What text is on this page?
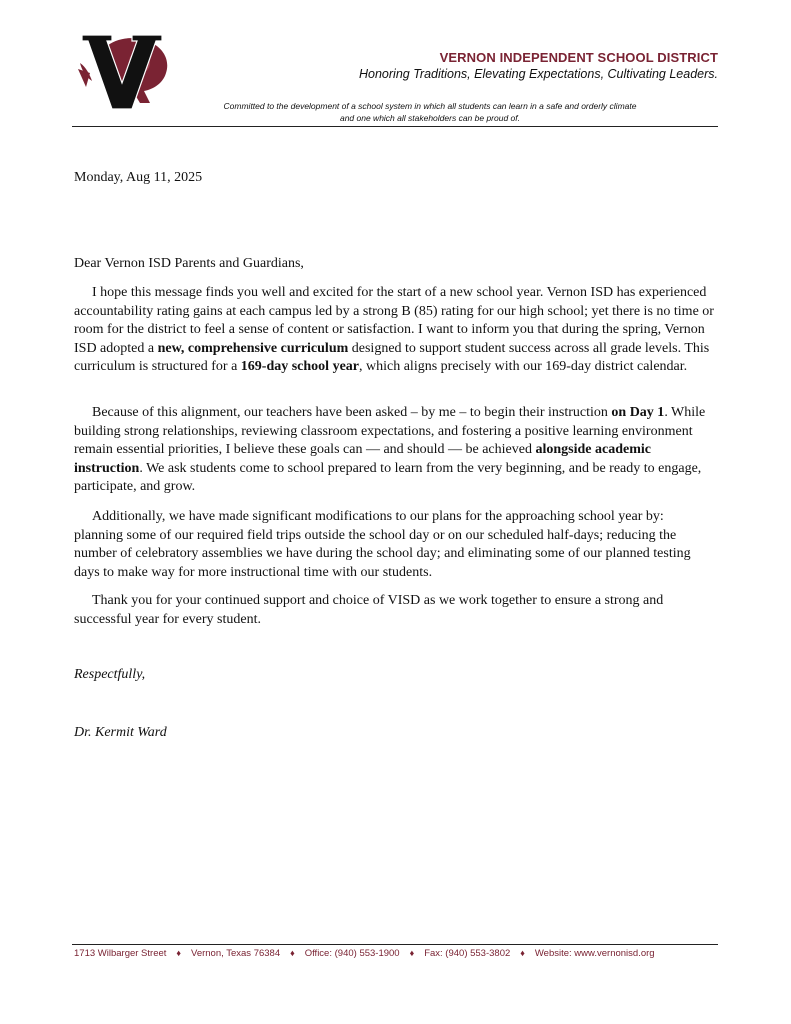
VERNON INDEPENDENT SCHOOL DISTRICT
Honoring Traditions, Elevating Expectations, Cultivating Leaders.
Committed to the development of a school system in which all students can learn in a safe and orderly climate
and one which all stakeholders can be proud of.
Monday, Aug 11, 2025
Dear Vernon ISD Parents and Guardians,

I hope this message finds you well and excited for the start of a new school year. Vernon ISD has experienced accountability rating gains at each campus led by a strong B (85) rating for our high school; yet there is no time or room for the district to feel a sense of content or satisfaction. I want to inform you that during the spring, Vernon ISD adopted a new, comprehensive curriculum designed to support student success across all grade levels. This curriculum is structured for a 169-day school year, which aligns precisely with our 169-day district calendar.

Because of this alignment, our teachers have been asked – by me – to begin their instruction on Day 1. While building strong relationships, reviewing classroom expectations, and fostering a positive learning environment remain essential priorities, I believe these goals can — and should — be achieved alongside academic instruction. We ask students come to school prepared to learn from the very beginning, and be ready to engage, participate, and grow.

Additionally, we have made significant modifications to our plans for the approaching school year by: planning some of our required field trips outside the school day or on our scheduled half-days; reducing the number of celebratory assemblies we have during the school day; and eliminating some of our planned testing days to make way for more instructional time with our students.

Thank you for your continued support and choice of VISD as we work together to ensure a strong and successful year for every student.

Respectfully,
Dr. Kermit Ward
1713 Wilbarger Street ♦ Vernon, Texas 76384 ♦ Office: (940) 553-1900 ♦ Fax: (940) 553-3802 ♦ Website: www.vernonisd.org
